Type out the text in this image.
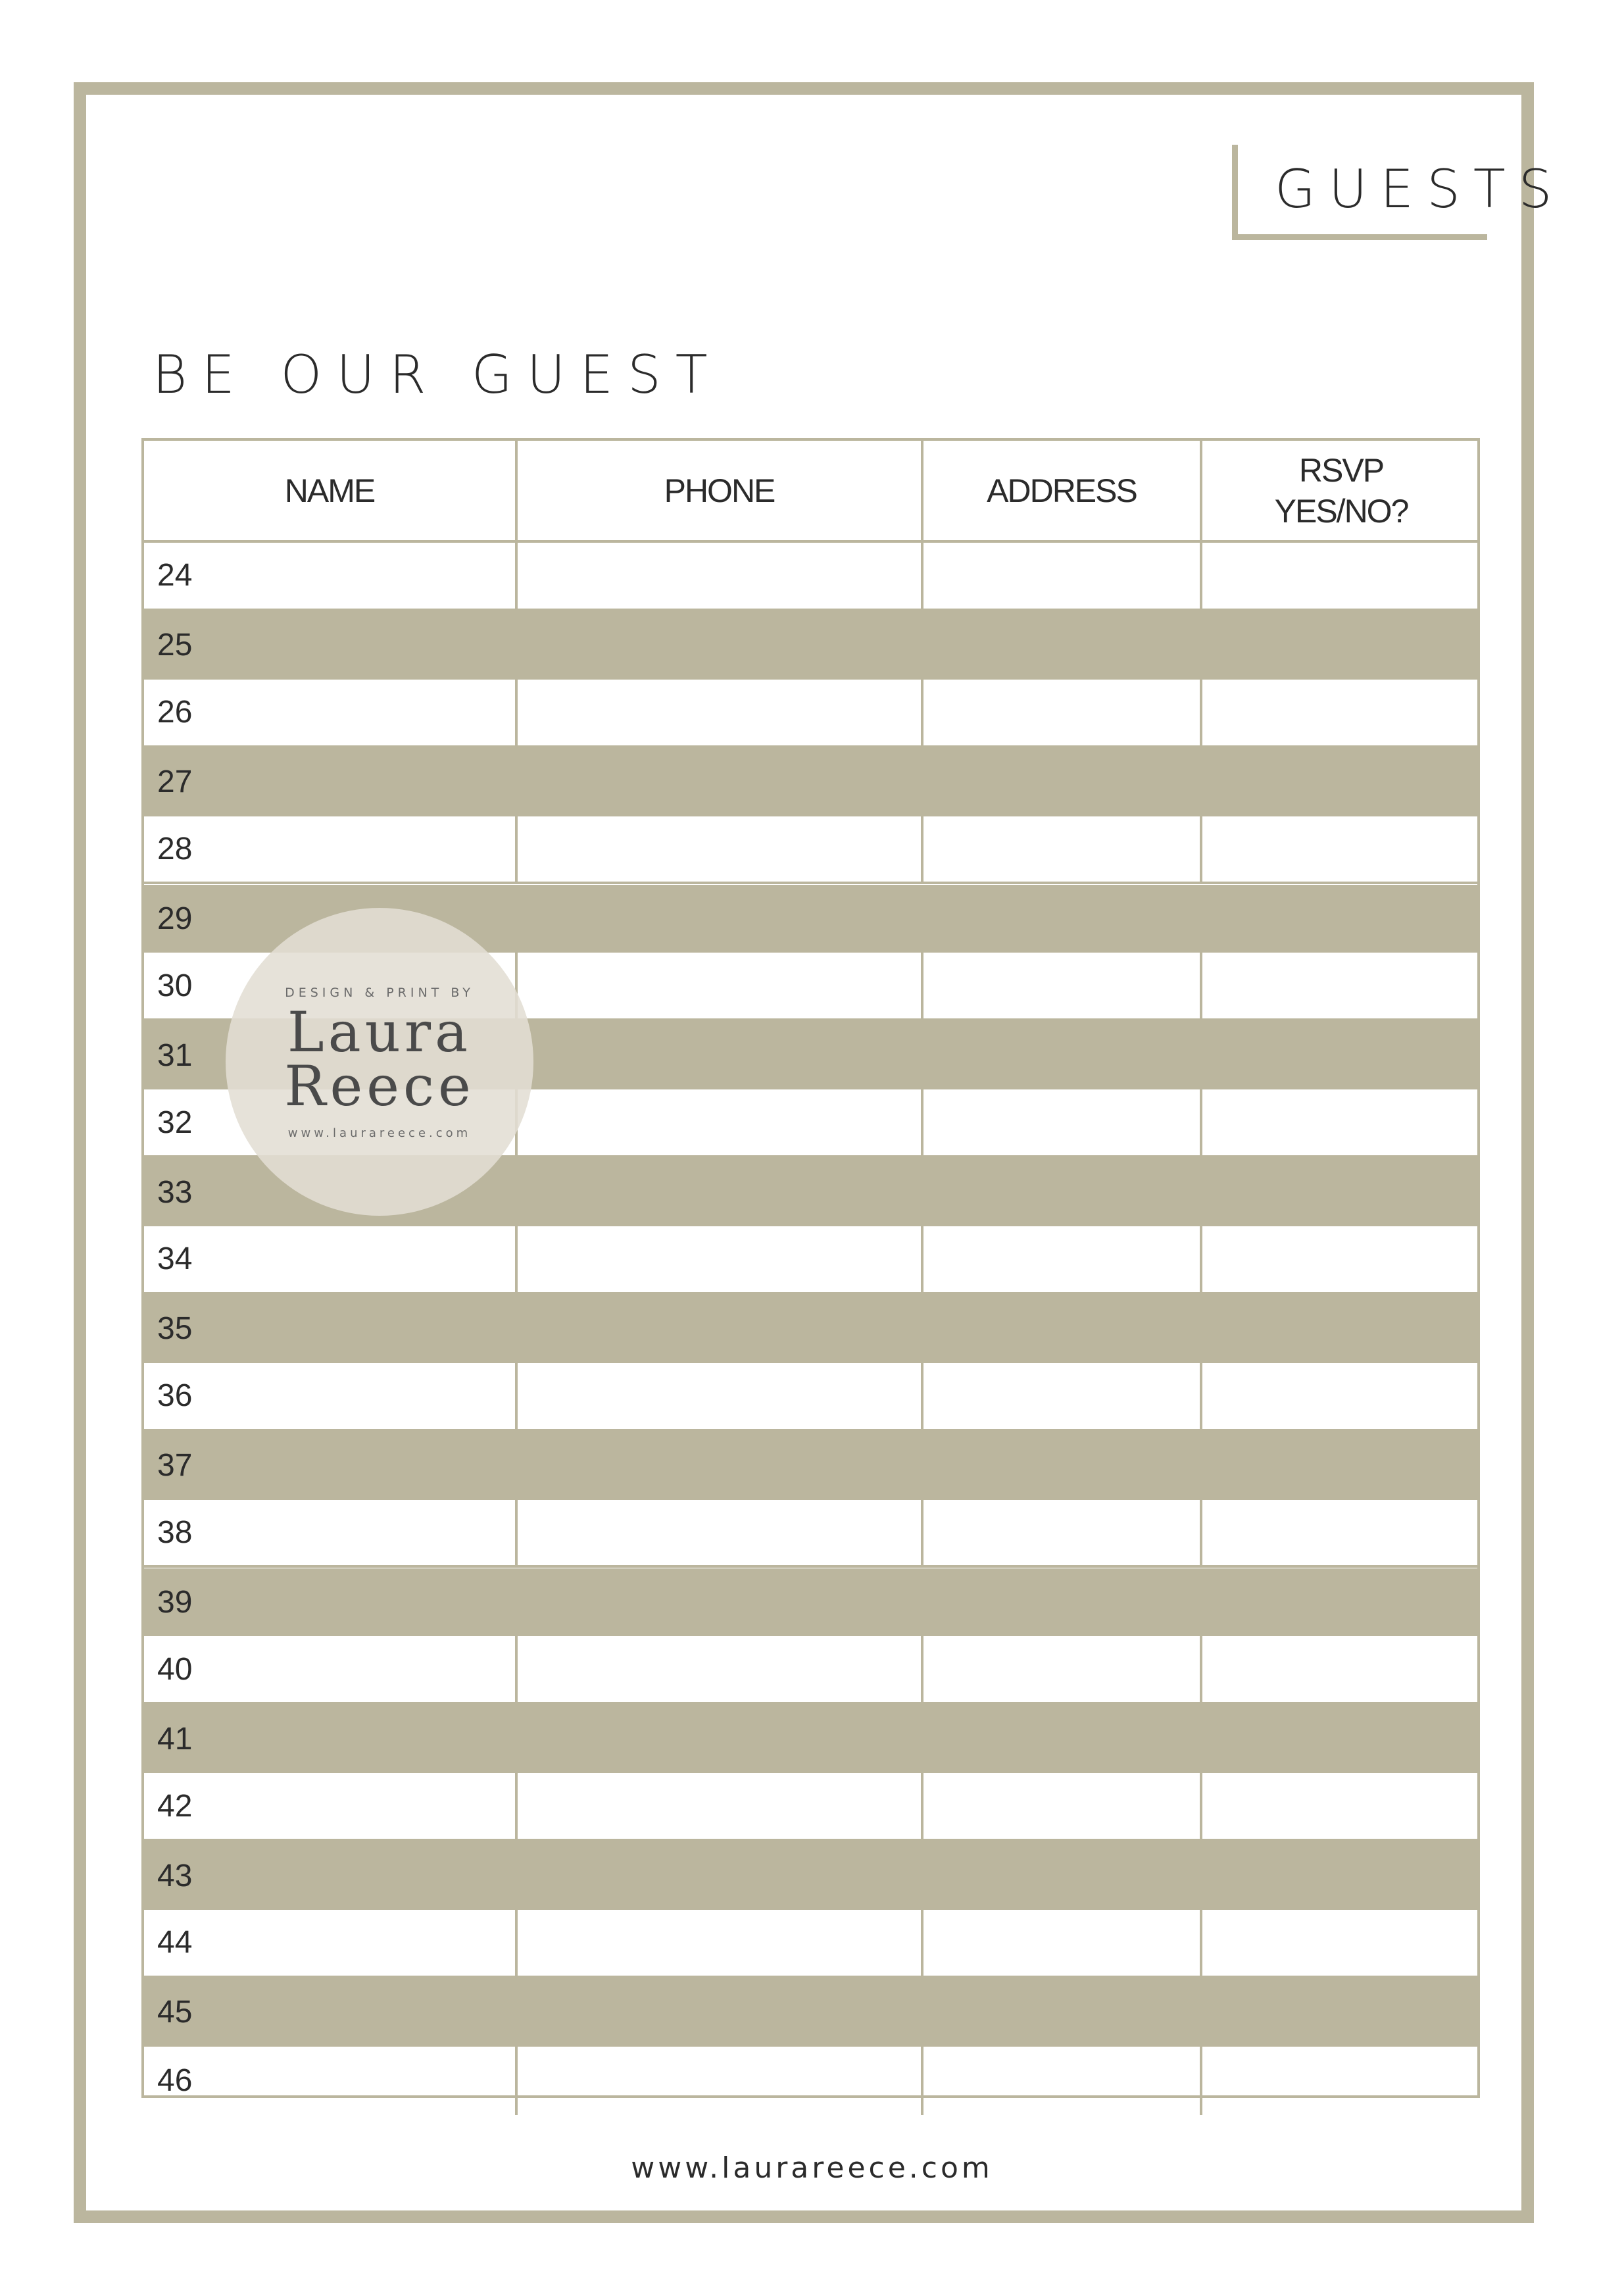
GUESTS
BE OUR GUEST
NAME	PHONE	ADDRESS
RSVP
YES/NO?
24
25
26
27
28
29
30
31
32
33
34
35
36
37
38
39
40
41
42
43
44
45
46
DESIGN & PRINT BY
Laura
Reece
www.laurareece.com
www.laurareece.com
